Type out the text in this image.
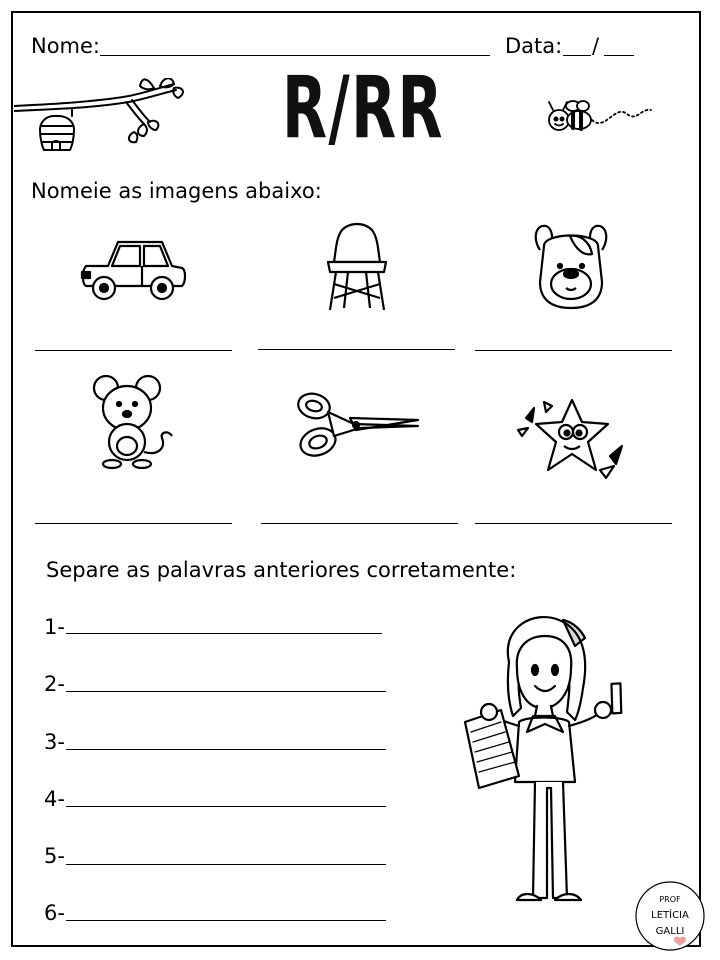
Nome:	Data: /
R/RR
Nomeie as imagens abaixo:
Separe as palavras anteriores corretamente:
1-
2-
3-
4-
5-
6-
PROF
LETÍCIA
GALLI
